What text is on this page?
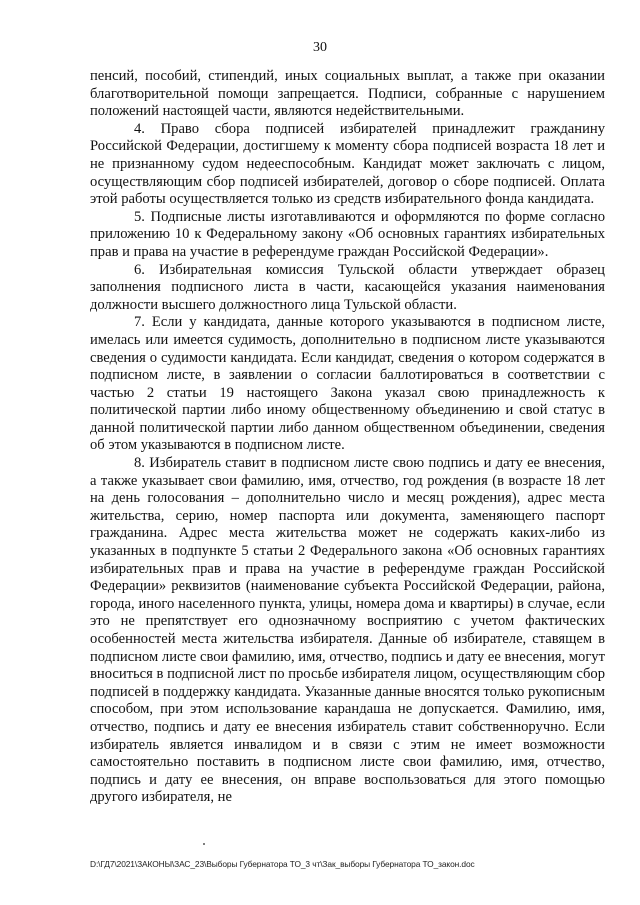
30

пенсий, пособий, стипендий, иных социальных выплат, а также при оказании благотворительной помощи запрещается. Подписи, собранные с нарушением положений настоящей части, являются недействительными.

4. Право сбора подписей избирателей принадлежит гражданину Российской Федерации, достигшему к моменту сбора подписей возраста 18 лет и не признанному судом недееспособным. Кандидат может заключать с лицом, осуществляющим сбор подписей избирателей, договор о сборе подписей. Оплата этой работы осуществляется только из средств избирательного фонда кандидата.

5. Подписные листы изготавливаются и оформляются по форме согласно приложению 10 к Федеральному закону «Об основных гарантиях избирательных прав и права на участие в референдуме граждан Российской Федерации».

6. Избирательная комиссия Тульской области утверждает образец заполнения подписного листа в части, касающейся указания наименования должности высшего должностного лица Тульской области.

7. Если у кандидата, данные которого указываются в подписном листе, имелась или имеется судимость, дополнительно в подписном листе указываются сведения о судимости кандидата. Если кандидат, сведения о котором содержатся в подписном листе, в заявлении о согласии баллотироваться в соответствии с частью 2 статьи 19 настоящего Закона указал свою принадлежность к политической партии либо иному общественному объединению и свой статус в данной политической партии либо данном общественном объединении, сведения об этом указываются в подписном листе.

8. Избиратель ставит в подписном листе свою подпись и дату ее внесения, а также указывает свои фамилию, имя, отчество, год рождения (в возрасте 18 лет на день голосования – дополнительно число и месяц рождения), адрес места жительства, серию, номер паспорта или документа, заменяющего паспорт гражданина. Адрес места жительства может не содержать каких-либо из указанных в подпункте 5 статьи 2 Федерального закона «Об основных гарантиях избирательных прав и права на участие в референдуме граждан Российской Федерации» реквизитов (наименование субъекта Российской Федерации, района, города, иного населенного пункта, улицы, номера дома и квартиры) в случае, если это не препятствует его однозначному восприятию с учетом фактических особенностей места жительства избирателя. Данные об избирателе, ставящем в подписном листе свои фамилию, имя, отчество, подпись и дату ее внесения, могут вноситься в подписной лист по просьбе избирателя лицом, осуществляющим сбор подписей в поддержку кандидата. Указанные данные вносятся только рукописным способом, при этом использование карандаша не допускается. Фамилию, имя, отчество, подпись и дату ее внесения избиратель ставит собственноручно. Если избиратель является инвалидом и в связи с этим не имеет возможности самостоятельно поставить в подписном листе свои фамилию, имя, отчество, подпись и дату ее внесения, он вправе воспользоваться для этого помощью другого избирателя, не

D:\ГД7\2021\ЗАКОНЫ\ЗАС_23\Выборы Губернатора ТО_3 чт\Зак_выборы Губернатора ТО_закон.doc
